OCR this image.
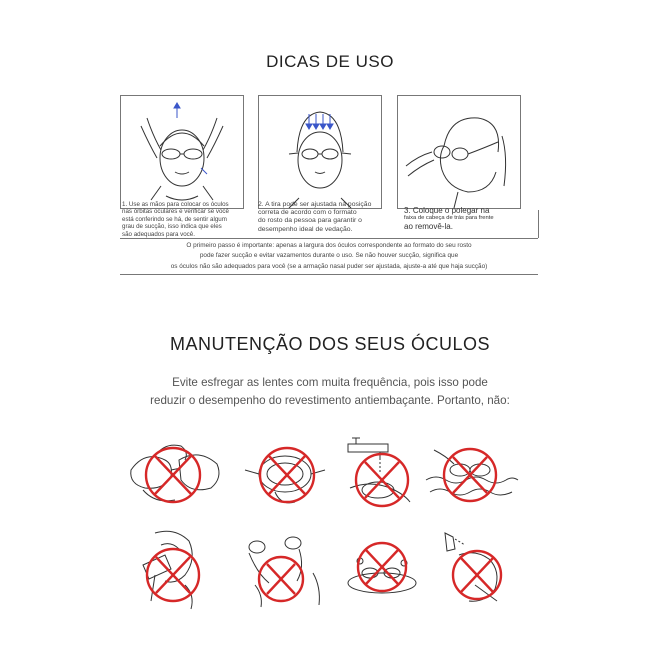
DICAS DE USO
1. Use as mãos para colocar os óculos
nas órbitas oculares e verificar se você
está conferindo se há, de sentir algum
grau de sucção, isso indica que eles
são adequados para você.
2. A tira pode ser ajustada na posição
correta de acordo com o formato
do rosto da pessoa para garantir o
desempenho ideal de vedação.
3. Coloque o polegar na
faixa de cabeça de trás para frente
ao removê-la.
O primeiro passo é importante: apenas a largura dos óculos correspondente ao formato do seu rosto
pode fazer sucção e evitar vazamentos durante o uso. Se não houver sucção, significa que
os óculos não são adequados para você (se a armação nasal puder ser ajustada, ajuste-a até que haja sucção)
MANUTENÇÃO DOS SEUS ÓCULOS
Evite esfregar as lentes com muita frequência, pois isso pode
reduzir o desempenho do revestimento antiembaçante. Portanto, não:
